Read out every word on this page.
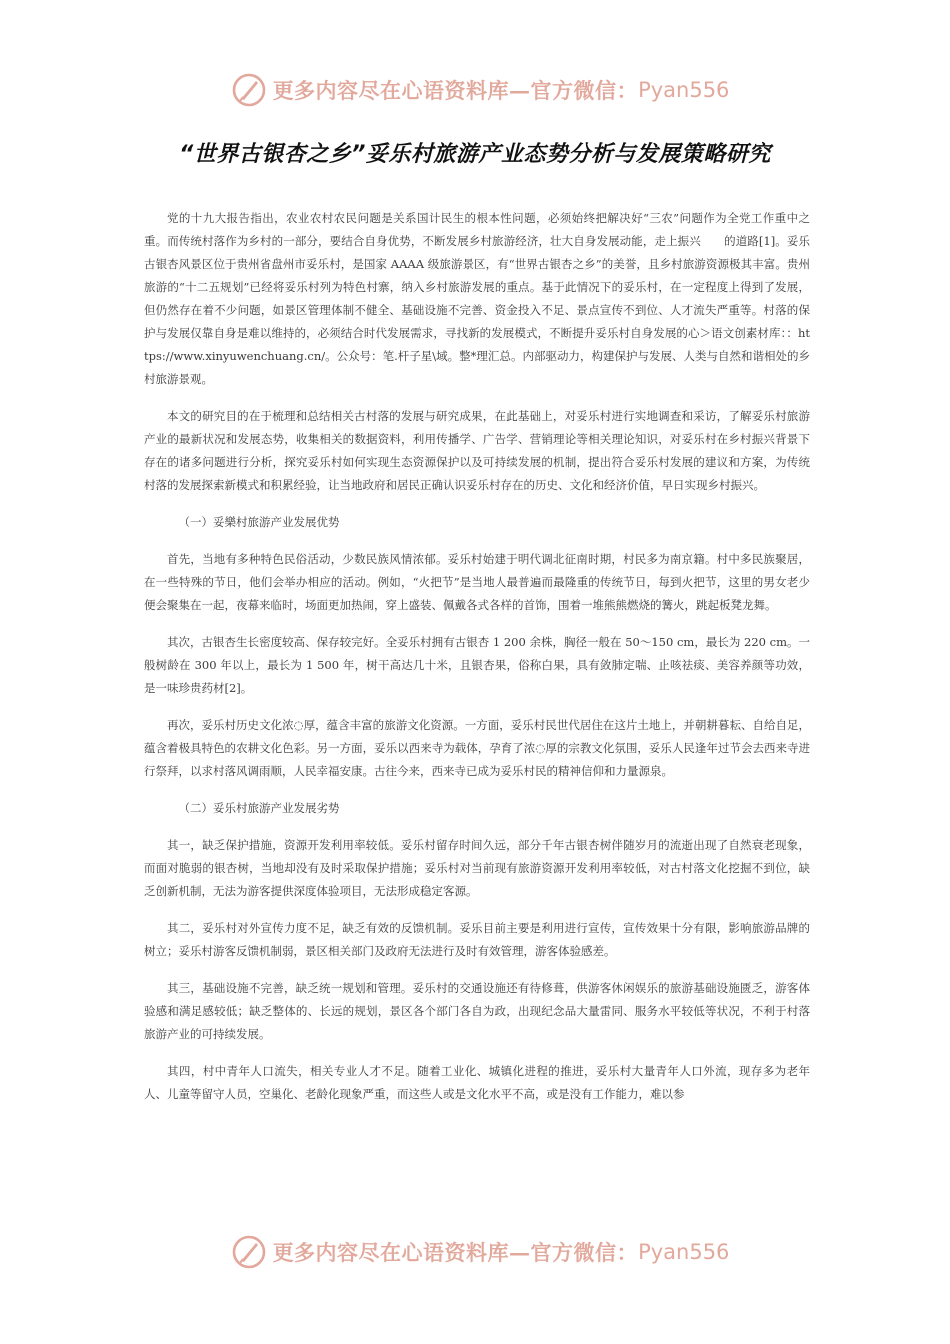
更多内容尽在心语资料库—官方微信： Pyan556
“世界古银杏之乡”妥乐村旅游产业态势分析与发展策略研究

党的十九大报告指出，农业农村农民问题是关系国计民生的根本性问题，必须始终把解决好“三农”问题作为全党工作重中之重。而传统村落作为乡村的一部分，要结合自身优势，不断发展乡村旅游经济，壮大自身发展动能，走上振兴　　的道路[1]。妥乐古银杏风景区位于贵州省盘州市妥乐村，是国家 AAAA 级旅游景区，有“世界古银杏之乡”的美誉，且乡村旅游资源极其丰富。贵州旅游的“十二五规划”已经将妥乐村列为特色村寨，纳入乡村旅游发展的重点。基于此情况下的妥乐村，在一定程度上得到了发展，但仍然存在着不少问题，如景区管理体制不健全、基础设施不完善、资金投入不足、景点宣传不到位、人才流失严重等。村落的保护与发展仅靠自身是难以维持的，必须结合时代发展需求，寻找新的发展模式，不断提升妥乐村自身发展的心＞语文创素材库：：https://www.xinyuwenchuang.cn/。公众号：笔.杆子星\域。整*理汇总。内部驱动力，构建保护与发展、人类与自然和谐相处的乡村旅游景观。

本文的研究目的在于梳理和总结相关古村落的发展与研究成果，在此基础上，对妥乐村进行实地调查和采访，了解妥乐村旅游产业的最新状况和发展态势，收集相关的数据资料，利用传播学、广告学、营销理论等相关理论知识，对妥乐村在乡村振兴背景下存在的诸多问题进行分析，探究妥乐村如何实现生态资源保护以及可持续发展的机制，提出符合妥乐村发展的建议和方案，为传统村落的发展探索新模式和积累经验，让当地政府和居民正确认识妥乐村存在的历史、文化和经济价值，早日实现乡村振兴。

（一）妥樂村旅游产业发展优势

首先，当地有多种特色民俗活动，少数民族风情浓郁。妥乐村始建于明代调北征南时期，村民多为南京籍。村中多民族聚居，在一些特殊的节日，他们会举办相应的活动。例如，“火把节”是当地人最普遍而最隆重的传统节日，每到火把节，这里的男女老少便会聚集在一起，夜幕来临时，场面更加热闹，穿上盛装、佩戴各式各样的首饰，围着一堆熊熊燃烧的篝火，跳起板凳龙舞。

其次，古银杏生长密度较高、保存较完好。全妥乐村拥有古银杏 1 200 余株，胸径一般在 50～150 cm，最长为 220 cm。一般树龄在 300 年以上，最长为 1 500 年，树干高达几十米，且银杏果，俗称白果，具有敛肺定喘、止咳祛痰、美容养颜等功效，是一味珍贵药材[2]。

再次，妥乐村历史文化浓◌厚，蕴含丰富的旅游文化资源。一方面，妥乐村民世代居住在这片土地上，并朝耕暮耘、自给自足，蕴含着极具特色的农耕文化色彩。另一方面，妥乐以西来寺为载体，孕育了浓◌厚的宗教文化氛围，妥乐人民逢年过节会去西来寺进行祭拜，以求村落风调雨顺，人民幸福安康。古往今来，西来寺已成为妥乐村民的精神信仰和力量源泉。

（二）妥乐村旅游产业发展劣势

其一，缺乏保护措施，资源开发利用率较低。妥乐村留存时间久远，部分千年古银杏树伴随岁月的流逝出现了自然衰老现象，而面对脆弱的银杏树，当地却没有及时采取保护措施；妥乐村对当前现有旅游资源开发利用率较低，对古村落文化挖掘不到位，缺乏创新机制，无法为游客提供深度体验项目，无法形成稳定客源。

其二，妥乐村对外宣传力度不足，缺乏有效的反馈机制。妥乐目前主要是利用进行宣传，宣传效果十分有限，影响旅游品牌的树立；妥乐村游客反馈机制弱，景区相关部门及政府无法进行及时有效管理，游客体验感差。

其三，基础设施不完善，缺乏统一规划和管理。妥乐村的交通设施还有待修葺，供游客休闲娱乐的旅游基础设施匮乏，游客体验感和满足感较低；缺乏整体的、长远的规划，景区各个部门各自为政，出现纪念品大量雷同、服务水平较低等状况，不利于村落旅游产业的可持续发展。

其四，村中青年人口流失，相关专业人才不足。随着工业化、城镇化进程的推进，妥乐村大量青年人口外流，现存多为老年人、儿童等留守人员，空巢化、老龄化现象严重，而这些人或是文化水平不高，或是没有工作能力，难以参

更多内容尽在心语资料库—官方微信： Pyan556
